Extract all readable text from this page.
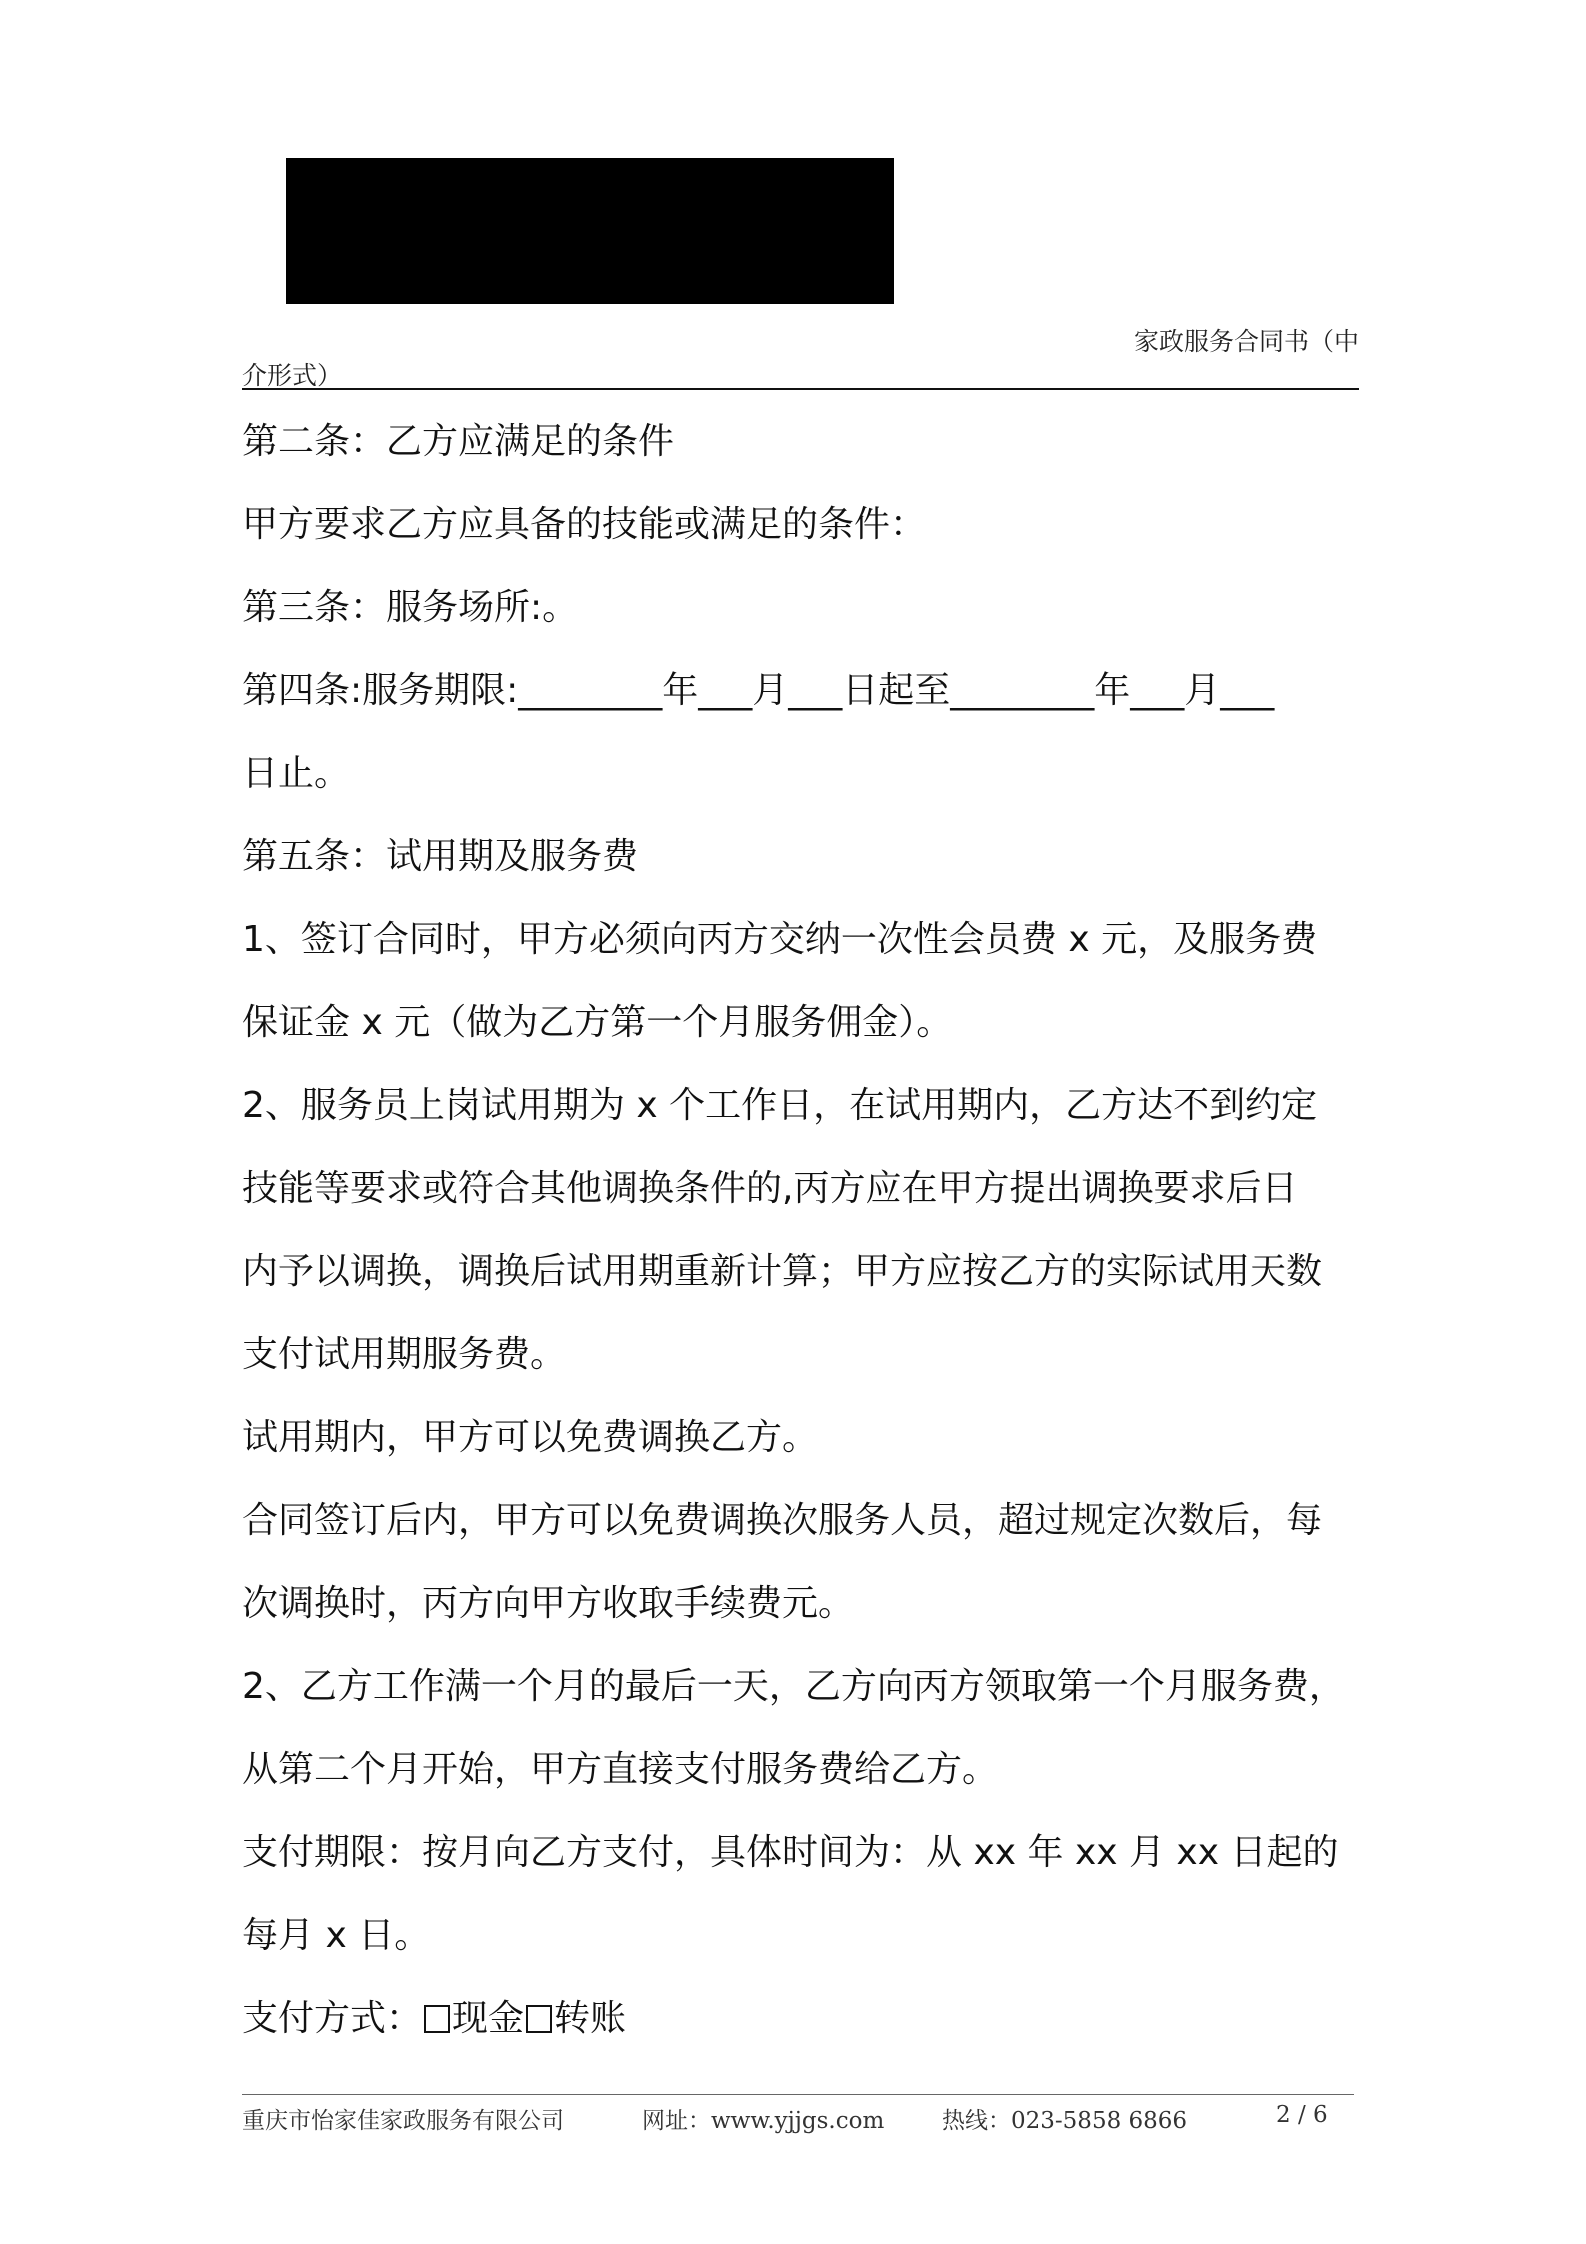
家政服务合同书（中
介形式）
第二条：乙方应满足的条件
甲方要求乙方应具备的技能或满足的条件：
第三条：服务场所:。
第四条:服务期限:________年___月___日起至________年___月___
日止。
第五条：试用期及服务费
1、签订合同时，甲方必须向丙方交纳一次性会员费 x 元，及服务费
保证金 x 元（做为乙方第一个月服务佣金）。
2、服务员上岗试用期为 x 个工作日，在试用期内，乙方达不到约定
技能等要求或符合其他调换条件的,丙方应在甲方提出调换要求后日
内予以调换，调换后试用期重新计算；甲方应按乙方的实际试用天数
支付试用期服务费。
试用期内，甲方可以免费调换乙方。
合同签订后内，甲方可以免费调换次服务人员，超过规定次数后，每
次调换时，丙方向甲方收取手续费元。
2、乙方工作满一个月的最后一天，乙方向丙方领取第一个月服务费，
从第二个月开始，甲方直接支付服务费给乙方。
支付期限：按月向乙方支付，具体时间为：从 xx 年 xx 月 xx 日起的
每月 x 日。
支付方式： 现金 转账
重庆市怡家佳家政服务有限公司	网址：www.yjjgs.com	热线：023-5858 6866	2 / 6
